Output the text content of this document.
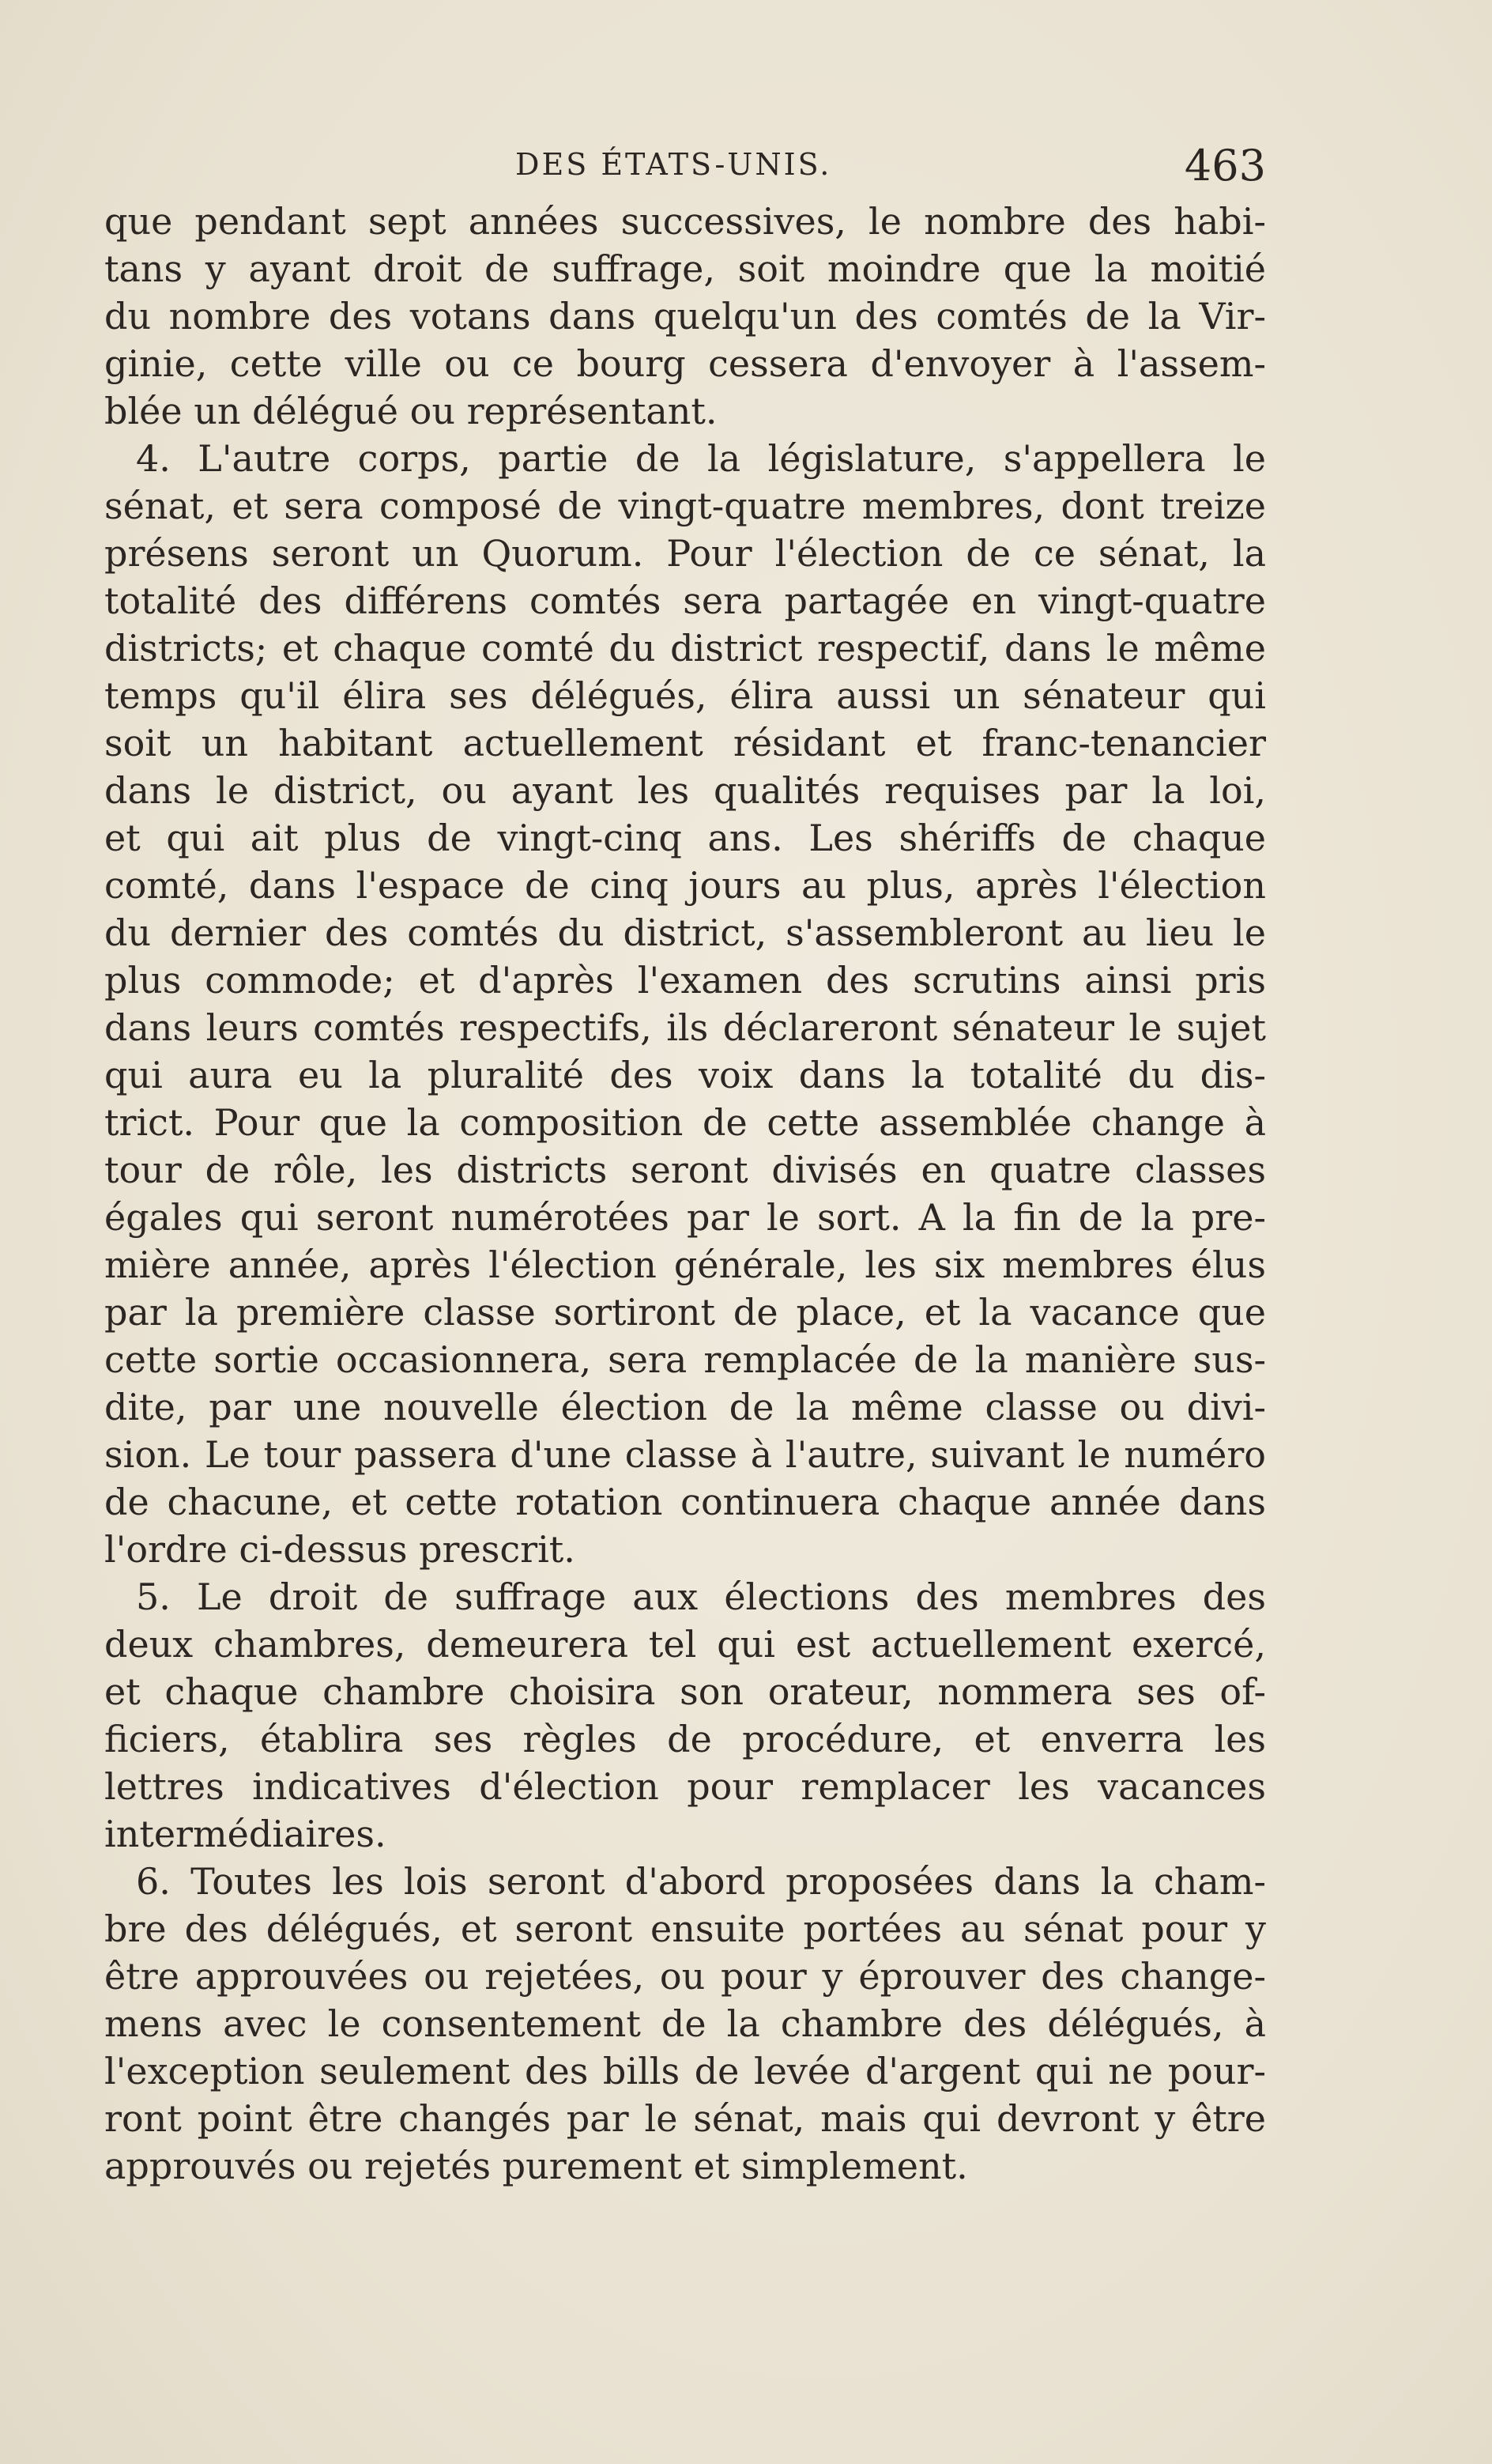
DES ÉTATS-UNIS.	463
que pendant sept années successives, le nombre des habi-
tans y ayant droit de suffrage, soit moindre que la moitié
du nombre des votans dans quelqu'un des comtés de la Vir-
ginie, cette ville ou ce bourg cessera d'envoyer à l'assem-
blée un délégué ou représentant.
4. L'autre corps, partie de la législature, s'appellera le
sénat, et sera composé de vingt-quatre membres, dont treize
présens seront un Quorum. Pour l'élection de ce sénat, la
totalité des différens comtés sera partagée en vingt-quatre
districts; et chaque comté du district respectif, dans le même
temps qu'il élira ses délégués, élira aussi un sénateur qui
soit un habitant actuellement résidant et franc-tenancier
dans le district, ou ayant les qualités requises par la loi,
et qui ait plus de vingt-cinq ans. Les shériffs de chaque
comté, dans l'espace de cinq jours au plus, après l'élection
du dernier des comtés du district, s'assembleront au lieu le
plus commode; et d'après l'examen des scrutins ainsi pris
dans leurs comtés respectifs, ils déclareront sénateur le sujet
qui aura eu la pluralité des voix dans la totalité du dis-
trict. Pour que la composition de cette assemblée change à
tour de rôle, les districts seront divisés en quatre classes
égales qui seront numérotées par le sort. A la fin de la pre-
mière année, après l'élection générale, les six membres élus
par la première classe sortiront de place, et la vacance que
cette sortie occasionnera, sera remplacée de la manière sus-
dite, par une nouvelle élection de la même classe ou divi-
sion. Le tour passera d'une classe à l'autre, suivant le numéro
de chacune, et cette rotation continuera chaque année dans
l'ordre ci-dessus prescrit.
5. Le droit de suffrage aux élections des membres des
deux chambres, demeurera tel qui est actuellement exercé,
et chaque chambre choisira son orateur, nommera ses of-
ficiers, établira ses règles de procédure, et enverra les
lettres indicatives d'élection pour remplacer les vacances
intermédiaires.
6. Toutes les lois seront d'abord proposées dans la cham-
bre des délégués, et seront ensuite portées au sénat pour y
être approuvées ou rejetées, ou pour y éprouver des change-
mens avec le consentement de la chambre des délégués, à
l'exception seulement des bills de levée d'argent qui ne pour-
ront point être changés par le sénat, mais qui devront y être
approuvés ou rejetés purement et simplement.
